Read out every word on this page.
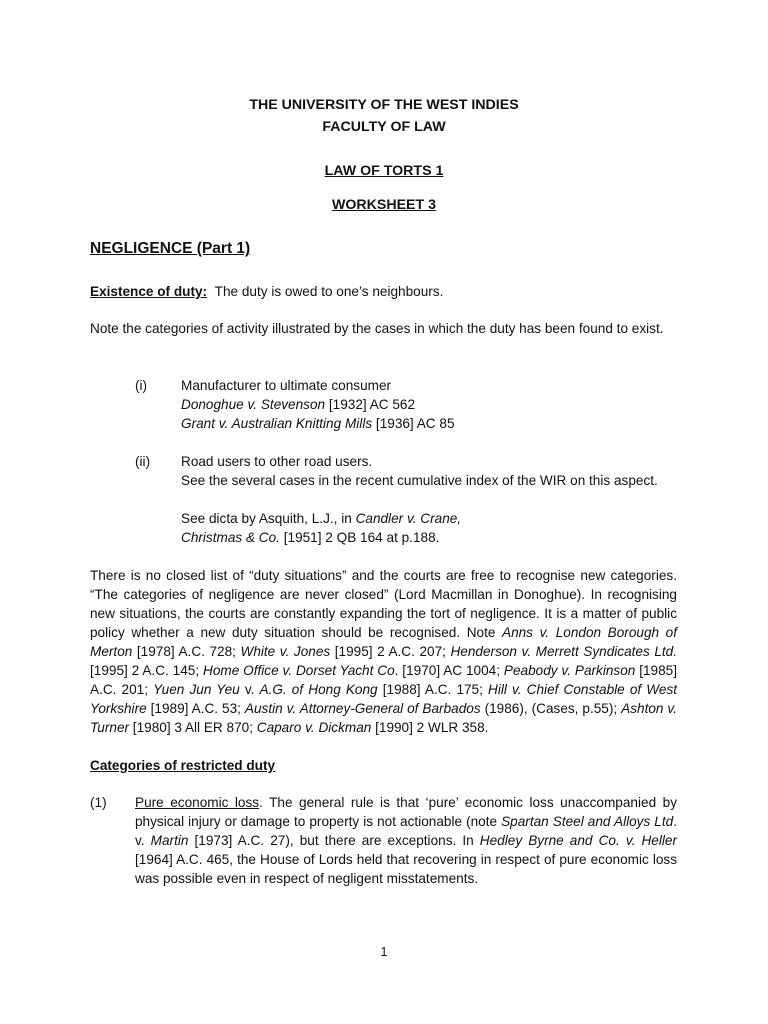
THE UNIVERSITY OF THE WEST INDIES
FACULTY OF LAW
LAW OF TORTS 1
WORKSHEET 3
NEGLIGENCE (Part 1)
Existence of duty: The duty is owed to one’s neighbours.
Note the categories of activity illustrated by the cases in which the duty has been found to exist.
(i) Manufacturer to ultimate consumer
Donoghue v. Stevenson [1932] AC 562
Grant v. Australian Knitting Mills [1936] AC 85
(ii) Road users to other road users.
See the several cases in the recent cumulative index of the WIR on this aspect.
See dicta by Asquith, L.J., in Candler v. Crane,
Christmas & Co. [1951] 2 QB 164 at p.188.
There is no closed list of “duty situations” and the courts are free to recognise new categories. “The categories of negligence are never closed” (Lord Macmillan in Donoghue). In recognising new situations, the courts are constantly expanding the tort of negligence. It is a matter of public policy whether a new duty situation should be recognised. Note Anns v. London Borough of Merton [1978] A.C. 728; White v. Jones [1995] 2 A.C. 207; Henderson v. Merrett Syndicates Ltd. [1995] 2 A.C. 145; Home Office v. Dorset Yacht Co. [1970] AC 1004; Peabody v. Parkinson [1985] A.C. 201; Yuen Jun Yeu v. A.G. of Hong Kong [1988] A.C. 175; Hill v. Chief Constable of West Yorkshire [1989] A.C. 53; Austin v. Attorney-General of Barbados (1986), (Cases, p.55); Ashton v. Turner [1980] 3 All ER 870; Caparo v. Dickman [1990] 2 WLR 358.
Categories of restricted duty
(1) Pure economic loss. The general rule is that ‘pure’ economic loss unaccompanied by physical injury or damage to property is not actionable (note Spartan Steel and Alloys Ltd. v. Martin [1973] A.C. 27), but there are exceptions. In Hedley Byrne and Co. v. Heller [1964] A.C. 465, the House of Lords held that recovering in respect of pure economic loss was possible even in respect of negligent misstatements.
1
